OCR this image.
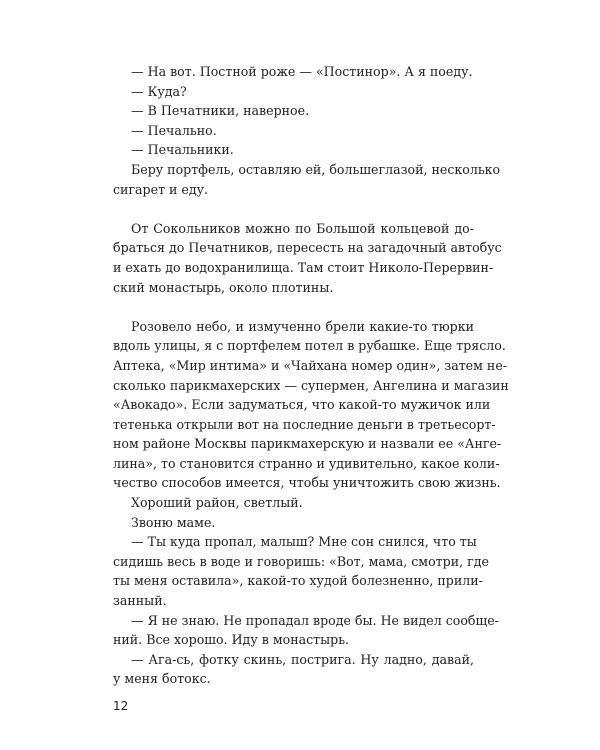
— На вот. Постной роже — «Постинор». А я поеду.
— Куда?
— В Печатники, наверное.
— Печально.
— Печальники.
Беру портфель, оставляю ей, большеглазой, несколько
сигарет и еду.
От Сокольников можно по Большой кольцевой до-
браться до Печатников, пересесть на загадочный автобус
и ехать до водохранилища. Там стоит Николо-Перервин-
ский монастырь, около плотины.
Розовело небо, и измученно брели какие-то тюрки
вдоль улицы, я с портфелем потел в рубашке. Еще трясло.
Аптека, «Мир интима» и «Чайхана номер один», затем не-
сколько парикмахерских — супермен, Ангелина и магазин
«Авокадо». Если задуматься, что какой-то мужичок или
тетенька открыли вот на последние деньги в третьесорт-
ном районе Москвы парикмахерскую и назвали ее «Анге-
лина», то становится странно и удивительно, какое коли-
чество способов имеется, чтобы уничтожить свою жизнь.
Хороший район, светлый.
Звоню маме.
— Ты куда пропал, малыш? Мне сон снился, что ты
сидишь весь в воде и говоришь: «Вот, мама, смотри, где
ты меня оставила», какой-то худой болезненно, прили-
занный.
— Я не знаю. Не пропадал вроде бы. Не видел сообще-
ний. Все хорошо. Иду в монастырь.
— Ага-сь, фотку скинь, пострига. Ну ладно, давай,
у меня ботокс.
12
